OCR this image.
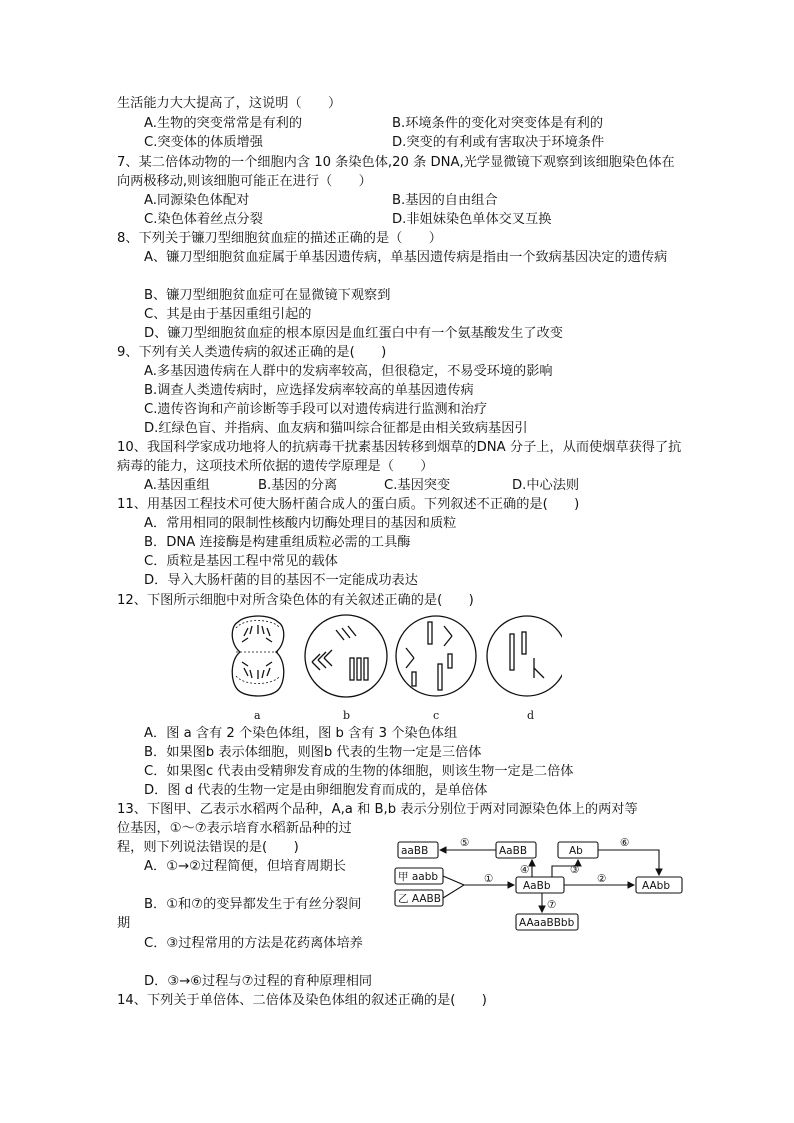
生活能力大大提高了，这说明（　　）
A.生物的突变常常是有利的	B.环境条件的变化对突变体是有利的
C.突变体的体质增强	D.突变的有利或有害取决于环境条件
7、某二倍体动物的一个细胞内含 10 条染色体,20 条 DNA,光学显微镜下观察到该细胞染色体在向两极移动,则该细胞可能正在进行（　　）
A.同源染色体配对	B.基因的自由组合
C.染色体着丝点分裂	D.非姐妹染色单体交叉互换
8、下列关于镰刀型细胞贫血症的描述正确的是（　　）
A、镰刀型细胞贫血症属于单基因遗传病，单基因遗传病是指由一个致病基因决定的遗传病
B、镰刀型细胞贫血症可在显微镜下观察到
C、其是由于基因重组引起的
D、镰刀型细胞贫血症的根本原因是血红蛋白中有一个氨基酸发生了改变
9、下列有关人类遗传病的叙述正确的是(　　)
A.多基因遗传病在人群中的发病率较高，但很稳定，不易受环境的影响
B.调查人类遗传病时，应选择发病率较高的单基因遗传病
C.遗传咨询和产前诊断等手段可以对遗传病进行监测和治疗
D.红绿色盲、并指病、血友病和猫叫综合征都是由相关致病基因引
10、我国科学家成功地将人的抗病毒干扰素基因转移到烟草的DNA 分子上，从而使烟草获得了抗病毒的能力，这项技术所依据的遗传学原理是（　　）
A.基因重组	B.基因的分离	C.基因突变	D.中心法则
11、用基因工程技术可使大肠杆菌合成人的蛋白质。下列叙述不正确的是(　　)
A．常用相同的限制性核酸内切酶处理目的基因和质粒
B．DNA 连接酶是构建重组质粒必需的工具酶
C．质粒是基因工程中常见的载体
D．导入大肠杆菌的目的基因不一定能成功表达
12、下图所示细胞中对所含染色体的有关叙述正确的是(　　)
a	b	c	d
A．图 a 含有 2 个染色体组，图 b 含有 3 个染色体组
B．如果图b 表示体细胞，则图b 代表的生物一定是三倍体
C．如果图c 代表由受精卵发育成的生物的体细胞，则该生物一定是二倍体
D．图 d 代表的生物一定是由卵细胞发育而成的，是单倍体
13、下图甲、乙表示水稻两个品种，A,a 和 B,b 表示分别位于两对同源染色体上的两对等
位基因，①～⑦表示培育水稻新品种的过
程，则下列说法错误的是(　　)
A．①→②过程简便，但培育周期长
B．①和⑦的变异都发生于有丝分裂间
期
C．③过程常用的方法是花药离体培养
D．③→⑥过程与⑦过程的育种原理相同
aaBB	AaBB	Ab
甲 aabb
乙 AABB
AaBb	AAbb
AAaaBBbb
①	②
③
④
⑤	⑥
⑦
14、下列关于单倍体、二倍体及染色体组的叙述正确的是(　　)
